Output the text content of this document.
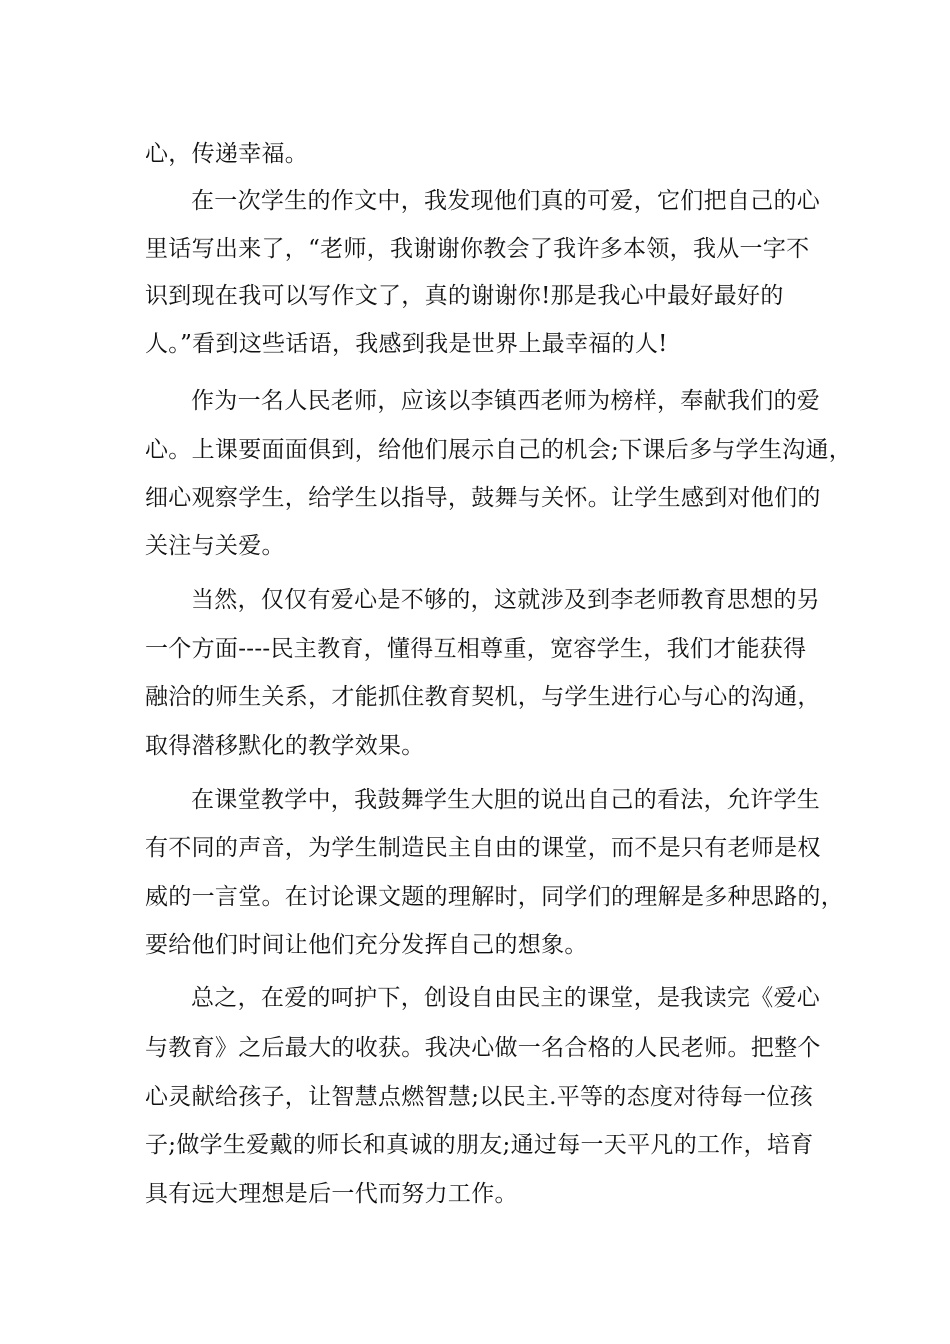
心，传递幸福。
在一次学生的作文中，我发现他们真的可爱，它们把自己的心
里话写出来了，“老师，我谢谢你教会了我许多本领，我从一字不
识到现在我可以写作文了，真的谢谢你!那是我心中最好最好的
人。”看到这些话语，我感到我是世界上最幸福的人!
作为一名人民老师，应该以李镇西老师为榜样，奉献我们的爱
心。上课要面面俱到，给他们展示自己的机会;下课后多与学生沟通，
细心观察学生，给学生以指导，鼓舞与关怀。让学生感到对他们的
关注与关爱。
当然，仅仅有爱心是不够的，这就涉及到李老师教育思想的另
一个方面----民主教育，懂得互相尊重，宽容学生，我们才能获得
融洽的师生关系，才能抓住教育契机，与学生进行心与心的沟通，
取得潜移默化的教学效果。
在课堂教学中，我鼓舞学生大胆的说出自己的看法，允许学生
有不同的声音，为学生制造民主自由的课堂，而不是只有老师是权
威的一言堂。在讨论课文题的理解时，同学们的理解是多种思路的，
要给他们时间让他们充分发挥自己的想象。
总之，在爱的呵护下，创设自由民主的课堂，是我读完《爱心
与教育》之后最大的收获。我决心做一名合格的人民老师。把整个
心灵献给孩子，让智慧点燃智慧;以民主.平等的态度对待每一位孩
子;做学生爱戴的师长和真诚的朋友;通过每一天平凡的工作，培育
具有远大理想是后一代而努力工作。
